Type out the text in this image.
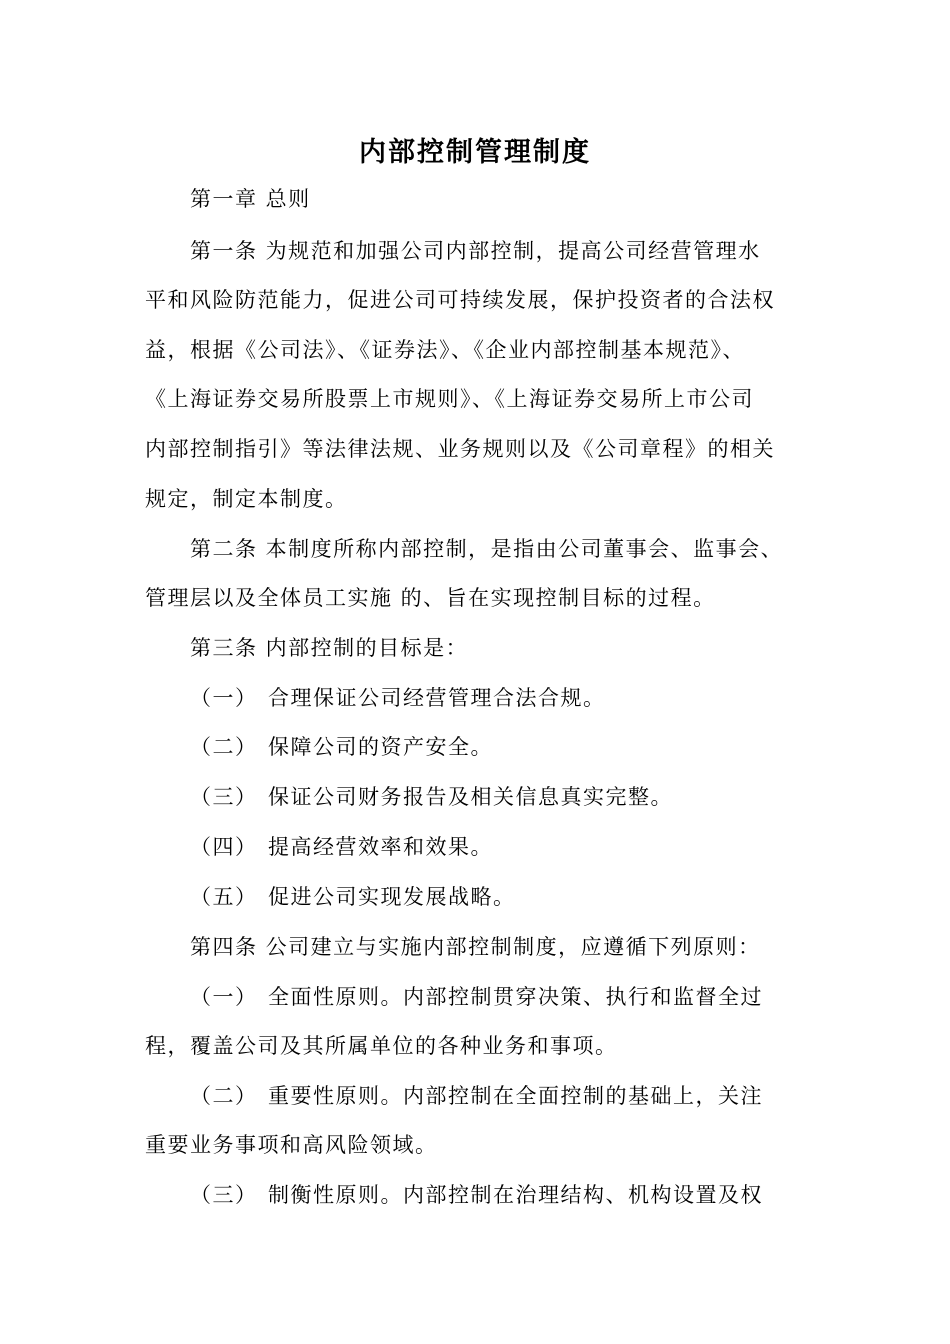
内部控制管理制度
第一章 总则
第一条 为规范和加强公司内部控制，提高公司经营管理水
平和风险防范能力，促进公司可持续发展，保护投资者的合法权
益，根据《公司法》、《证券法》、《企业内部控制基本规范》、
《上海证券交易所股票上市规则》、《上海证券交易所上市公司
内部控制指引》等法律法规、业务规则以及《公司章程》的相关
规定，制定本制度。
第二条 本制度所称内部控制，是指由公司董事会、监事会、
管理层以及全体员工实施 的、旨在实现控制目标的过程。
第三条 内部控制的目标是：
（一） 合理保证公司经营管理合法合规。
（二） 保障公司的资产安全。
（三） 保证公司财务报告及相关信息真实完整。
（四） 提高经营效率和效果。
（五） 促进公司实现发展战略。
第四条 公司建立与实施内部控制制度，应遵循下列原则：
（一） 全面性原则。内部控制贯穿决策、执行和监督全过
程，覆盖公司及其所属单位的各种业务和事项。
（二） 重要性原则。内部控制在全面控制的基础上，关注
重要业务事项和高风险领域。
（三） 制衡性原则。内部控制在治理结构、机构设置及权
